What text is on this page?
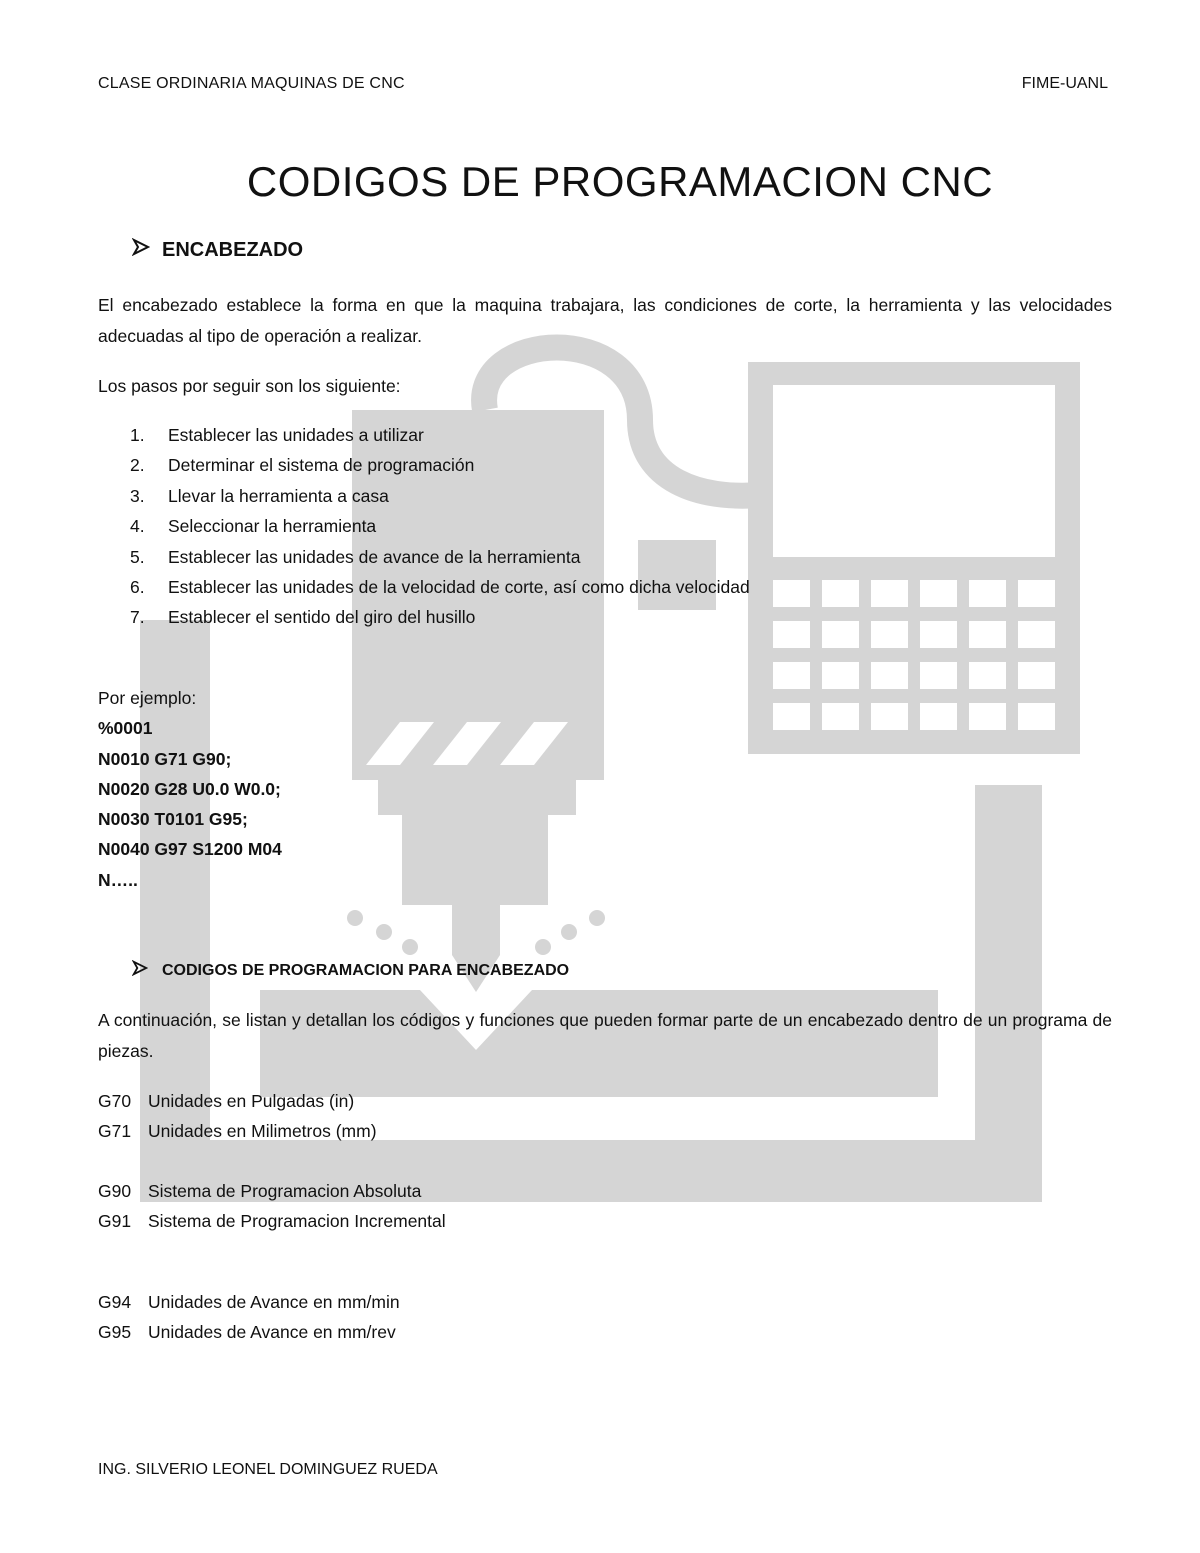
CLASE ORDINARIA MAQUINAS DE CNC	FIME-UANL
CODIGOS DE PROGRAMACION CNC
ENCABEZADO

El encabezado establece la forma en que la maquina trabajara, las condiciones de corte, la herramienta y las velocidades adecuadas al tipo de operación a realizar.

Los pasos por seguir son los siguiente:

1.	Establecer las unidades a utilizar
2.	Determinar el sistema de programación
3.	Llevar la herramienta a casa
4.	Seleccionar la herramienta
5.	Establecer las unidades de avance de la herramienta
6.	Establecer las unidades de la velocidad de corte, así como dicha velocidad
7.	Establecer el sentido del giro del husillo
Por ejemplo:
%0001
N0010 G71 G90;
N0020 G28 U0.0 W0.0;
N0030 T0101 G95;
N0040 G97 S1200 M04
N…..
CODIGOS DE PROGRAMACION PARA ENCABEZADO

A continuación, se listan y detallan los códigos y funciones que pueden formar parte de un encabezado dentro de un programa de piezas.

G70 Unidades en Pulgadas (in)
G71 Unidades en Milimetros (mm)
G90 Sistema de Programacion Absoluta
G91 Sistema de Programacion Incremental
G94 Unidades de Avance en mm/min
G95 Unidades de Avance en mm/rev
ING. SILVERIO LEONEL DOMINGUEZ RUEDA
